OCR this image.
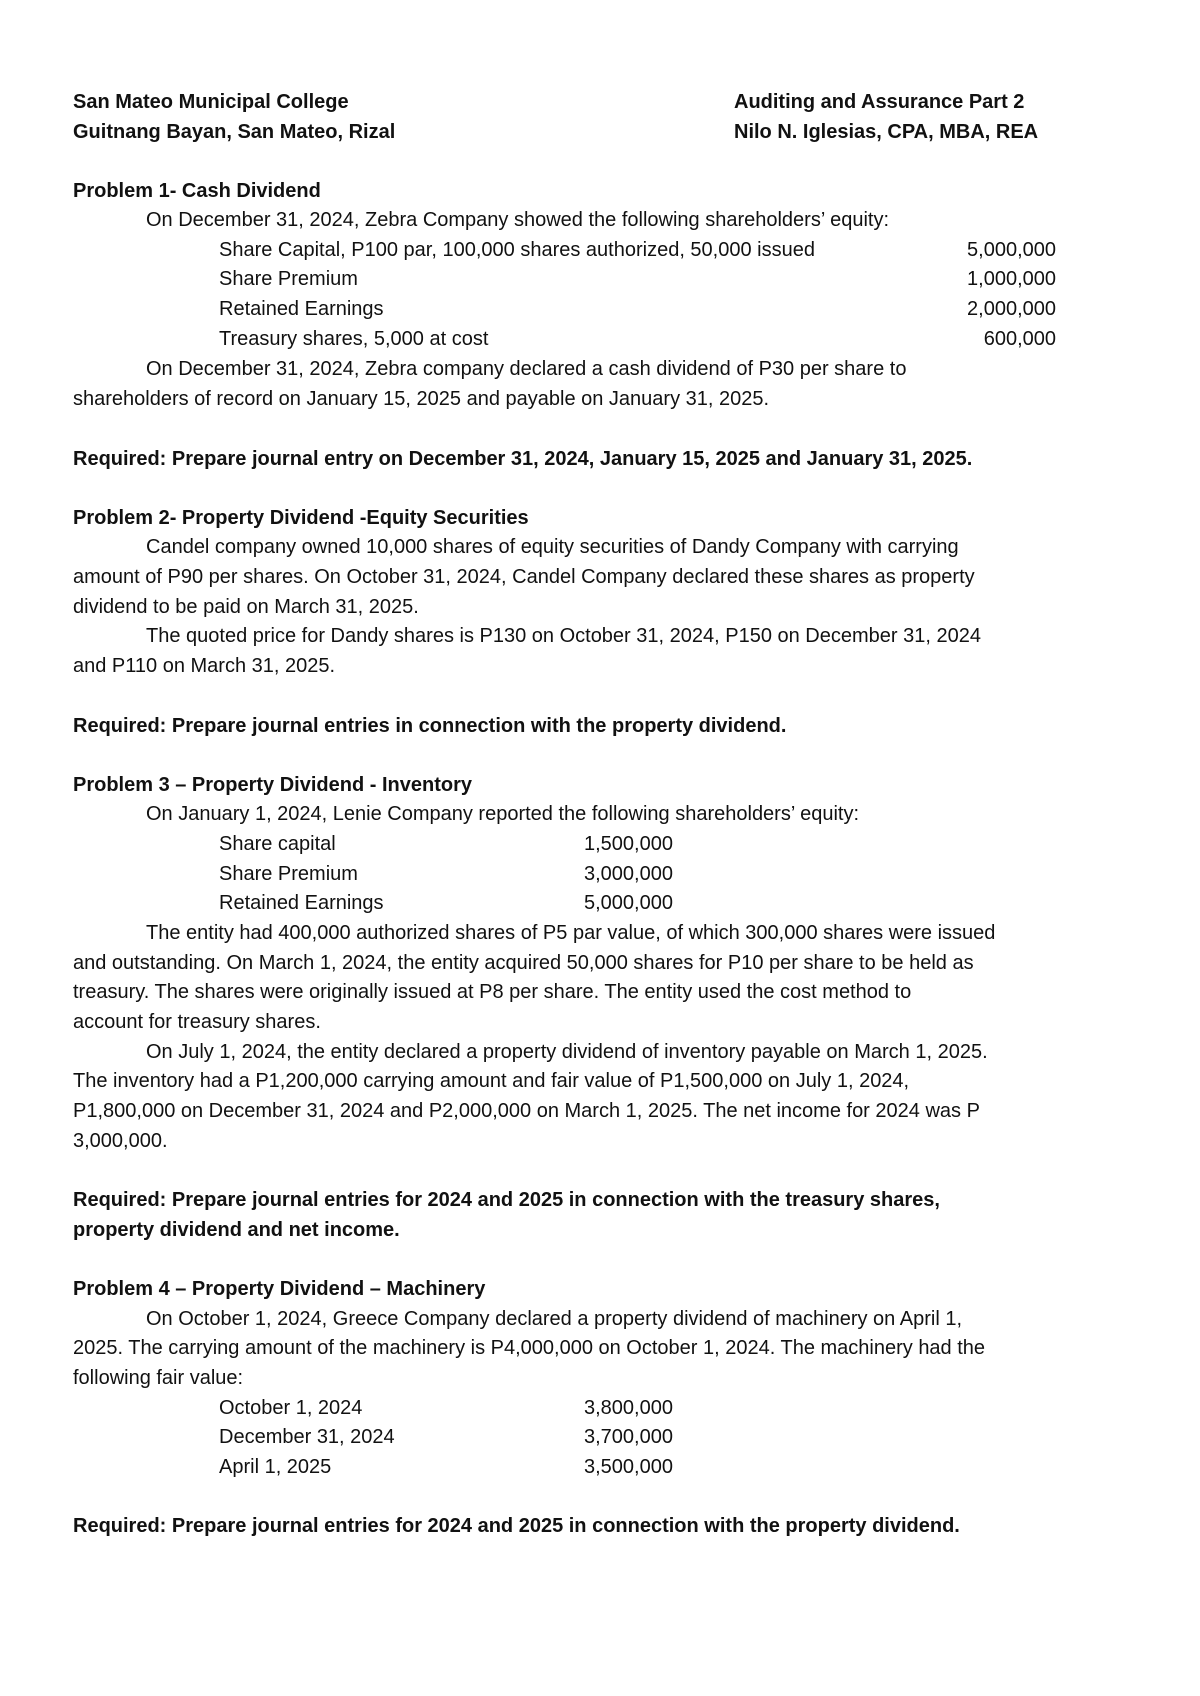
San Mateo Municipal College
Guitnang Bayan, San Mateo, Rizal
Auditing and Assurance Part 2
Nilo N. Iglesias, CPA, MBA, REA
Problem 1- Cash Dividend
On December 31, 2024, Zebra Company showed the following shareholders’ equity:
Share Capital, P100 par, 100,000 shares authorized, 50,000 issued	5,000,000
Share Premium	1,000,000
Retained Earnings	2,000,000
Treasury shares, 5,000 at cost	600,000
On December 31, 2024, Zebra company declared a cash dividend of P30 per share to
shareholders of record on January 15, 2025 and payable on January 31, 2025.
Required: Prepare journal entry on December 31, 2024, January 15, 2025 and January 31, 2025.
Problem 2- Property Dividend -Equity Securities
Candel company owned 10,000 shares of equity securities of Dandy Company with carrying
amount of P90 per shares. On October 31, 2024, Candel Company declared these shares as property
dividend to be paid on March 31, 2025.
The quoted price for Dandy shares is P130 on October 31, 2024, P150 on December 31, 2024
and P110 on March 31, 2025.
Required: Prepare journal entries in connection with the property dividend.
Problem 3 – Property Dividend - Inventory
On January 1, 2024, Lenie Company reported the following shareholders’ equity:
Share capital	1,500,000
Share Premium	3,000,000
Retained Earnings	5,000,000
The entity had 400,000 authorized shares of P5 par value, of which 300,000 shares were issued
and outstanding. On March 1, 2024, the entity acquired 50,000 shares for P10 per share to be held as
treasury. The shares were originally issued at P8 per share. The entity used the cost method to
account for treasury shares.
On July 1, 2024, the entity declared a property dividend of inventory payable on March 1, 2025.
The inventory had a P1,200,000 carrying amount and fair value of P1,500,000 on July 1, 2024,
P1,800,000 on December 31, 2024 and P2,000,000 on March 1, 2025. The net income for 2024 was P
3,000,000.
Required: Prepare journal entries for 2024 and 2025 in connection with the treasury shares,
property dividend and net income.
Problem 4 – Property Dividend – Machinery
On October 1, 2024, Greece Company declared a property dividend of machinery on April 1,
2025. The carrying amount of the machinery is P4,000,000 on October 1, 2024. The machinery had the
following fair value:
October 1, 2024	3,800,000
December 31, 2024	3,700,000
April 1, 2025	3,500,000
Required: Prepare journal entries for 2024 and 2025 in connection with the property dividend.
